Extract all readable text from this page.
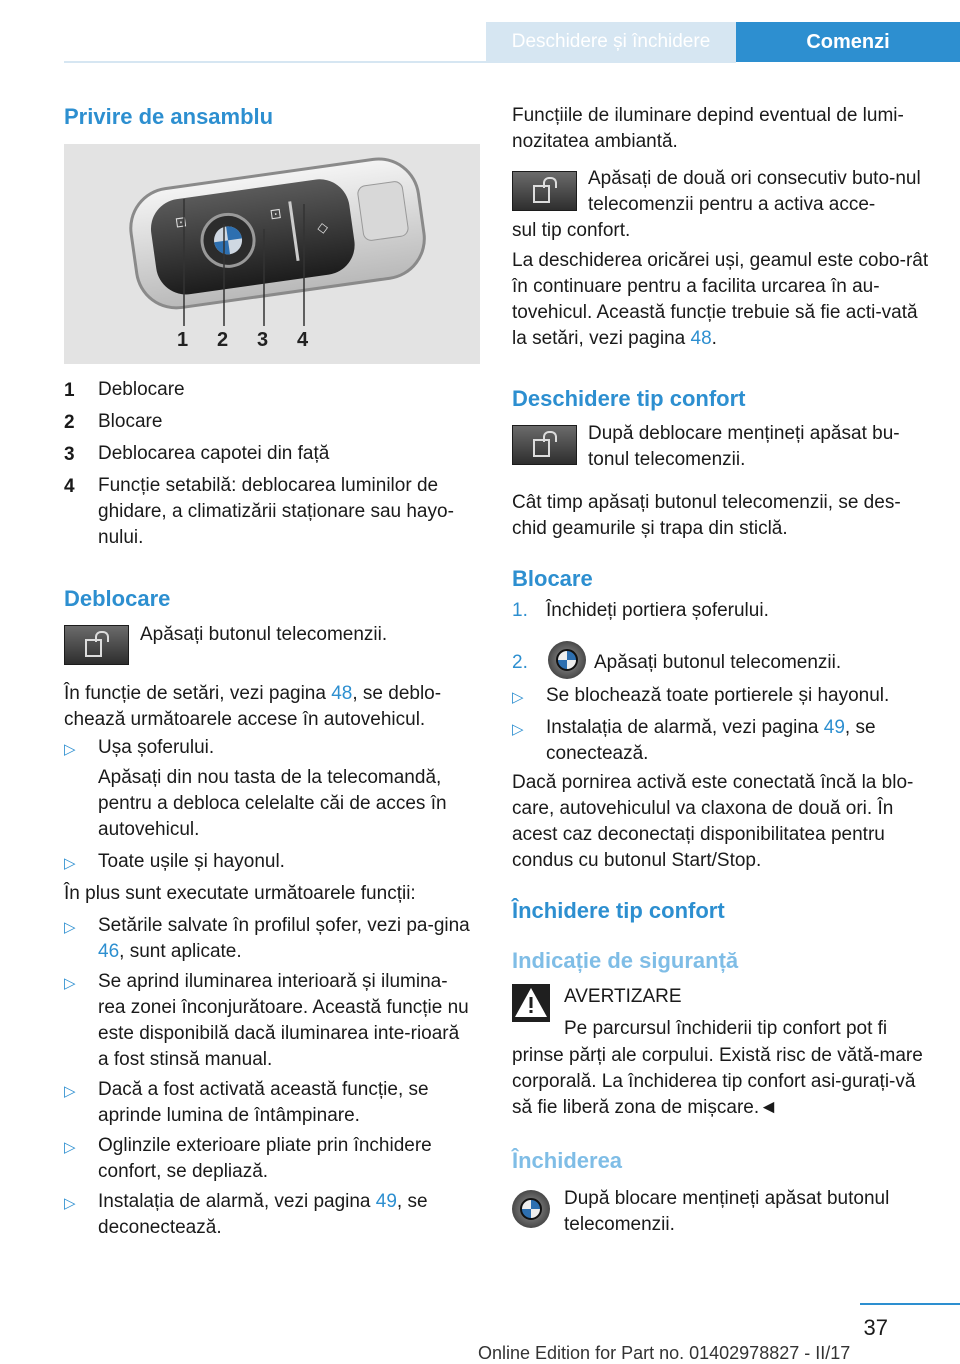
Deschidere și închidere	Comenzi
Privire de ansamblu
⊡	⊡
◇
1 2 3 4
1 Deblocare
2 Blocare
3 Deblocarea capotei din față
4 Funcție setabilă: deblocarea luminilor de ghidare, a climatizării staționare sau hayo-nului.
Deblocare
Apăsați butonul telecomenzii.
În funcție de setări, vezi pagina 48, se deblo-chează următoarele accese în autovehicul.
▷ Ușa șoferului.
Apăsați din nou tasta de la telecomandă, pentru a debloca celelalte căi de acces în autovehicul.
▷ Toate ușile și hayonul.
În plus sunt executate următoarele funcții:
▷ Setările salvate în profilul șofer, vezi pa-gina 46, sunt aplicate.
▷ Se aprind iluminarea interioară și ilumina-rea zonei înconjurătoare. Această funcție nu este disponibilă dacă iluminarea inte-rioară a fost stinsă manual.
▷ Dacă a fost activată această funcție, se aprinde lumina de întâmpinare.
▷ Oglinzile exterioare pliate prin închidere confort, se depliază.
▷ Instalația de alarmă, vezi pagina 49, se deconectează.
Funcțiile de iluminare depind eventual de lumi-nozitatea ambiantă.
Apăsați de două ori consecutiv buto-nul telecomenzii pentru a activa acce-
sul tip confort.
La deschiderea oricărei uși, geamul este cobo-rât în continuare pentru a facilita urcarea în au-tovehicul. Această funcție trebuie să fie acti-vată la setări, vezi pagina 48.
Deschidere tip confort
După deblocare mențineți apăsat bu-tonul telecomenzii.
Cât timp apăsați butonul telecomenzii, se des-chid geamurile și trapa din sticlă.
Blocare
1. Închideți portiera șoferului.
2.	Apăsați butonul telecomenzii.
▷ Se blochează toate portierele și hayonul.
▷ Instalația de alarmă, vezi pagina 49, se conectează.
Dacă pornirea activă este conectată încă la blo-care, autovehiculul va claxona de două ori. În acest caz deconectați disponibilitatea pentru condus cu butonul Start/Stop.
Închidere tip confort
Indicație de siguranță
AVERTIZARE
Pe parcursul închiderii tip confort pot fi
prinse părți ale corpului. Există risc de vătă-mare corporală. La închiderea tip confort asi-gurați-vă să fie liberă zona de mișcare.◄
Închiderea
După blocare mențineți apăsat butonul telecomenzii.
37
Online Edition for Part no. 01402978827 - II/17
